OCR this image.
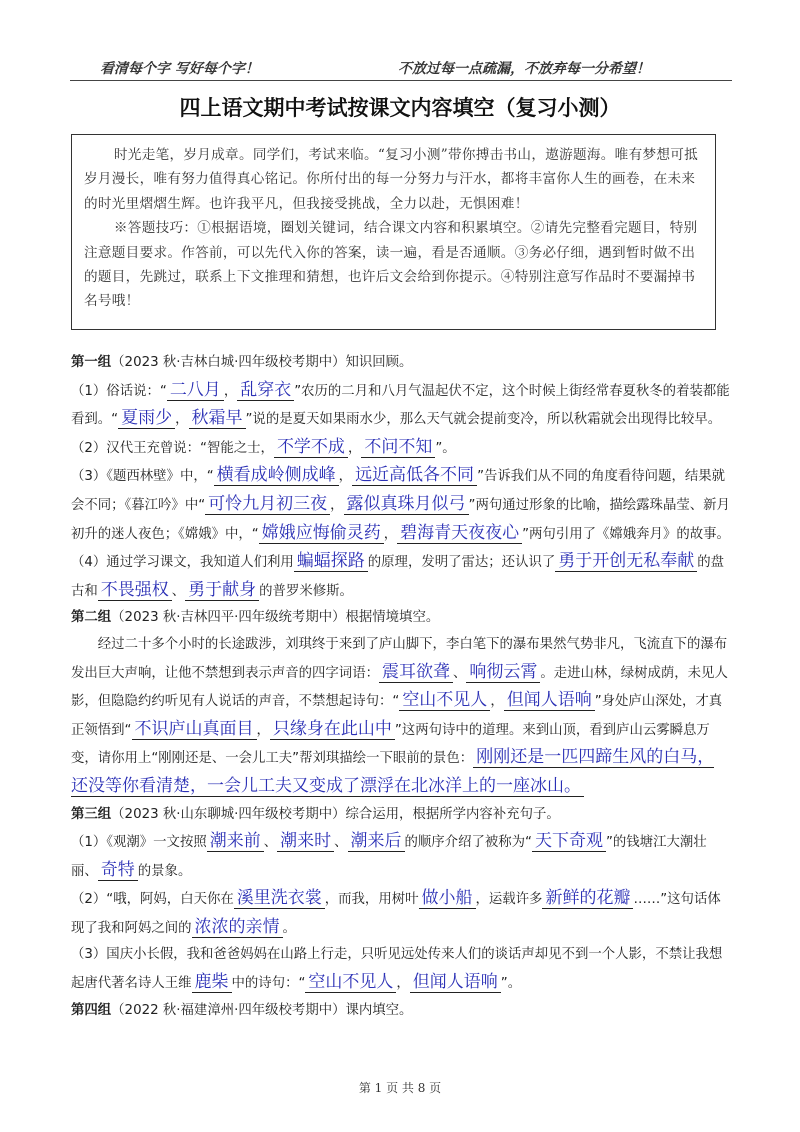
看清每个字 写好每个字！	不放过每一点疏漏，不放弃每一分希望！
四上语文期中考试按课文内容填空（复习小测）

时光走笔，岁月成章。同学们，考试来临。“复习小测”带你搏击书山，遨游题海。唯有梦想可抵岁月漫长，唯有努力值得真心铭记。你所付出的每一分努力与汗水，都将丰富你人生的画卷，在未来的时光里熠熠生辉。也许我平凡，但我接受挑战，全力以赴，无惧困难！

※答题技巧：①根据语境，圈划关键词，结合课文内容和积累填空。②请先完整看完题目，特别注意题目要求。作答前，可以先代入你的答案，读一遍，看是否通顺。③务必仔细，遇到暂时做不出的题目，先跳过，联系上下文推理和猜想，也许后文会给到你提示。④特别注意写作品时不要漏掉书名号哦！

第一组（2023 秋·吉林白城·四年级校考期中）知识回顾。

（1）俗话说：“ 二八月 ， 乱穿衣 ”农历的二月和八月气温起伏不定，这个时候上街经常春夏秋冬的着装都能看到。“ 夏雨少 ， 秋霜早 ”说的是夏天如果雨水少，那么天气就会提前变冷，所以秋霜就会出现得比较早。

（2）汉代王充曾说：“智能之士， 不学不成 ， 不问不知 ”。

（3）《题西林壁》中，“ 横看成岭侧成峰 ， 远近高低各不同 ”告诉我们从不同的角度看待问题，结果就会不同；《暮江吟》中“ 可怜九月初三夜 ， 露似真珠月似弓 ”两句通过形象的比喻，描绘露珠晶莹、新月初升的迷人夜色；《嫦娥》中，“ 嫦娥应悔偷灵药 ， 碧海青天夜夜心 ”两句引用了《嫦娥奔月》的故事。

（4）通过学习课文，我知道人们利用 蝙蝠探路 的原理，发明了雷达；还认识了 勇于开创无私奉献 的盘古和 不畏强权 、 勇于献身 的普罗米修斯。

第二组（2023 秋·吉林四平·四年级统考期中）根据情境填空。

经过二十多个小时的长途跋涉，刘琪终于来到了庐山脚下，李白笔下的瀑布果然气势非凡，飞流直下的瀑布发出巨大声响，让他不禁想到表示声音的四字词语： 震耳欲聋 、 响彻云霄 。走进山林，绿树成荫，未见人影，但隐隐约约听见有人说话的声音，不禁想起诗句：“ 空山不见人 ， 但闻人语响 ”身处庐山深处，才真正领悟到“ 不识庐山真面目 ， 只缘身在此山中 ”这两句诗中的道理。来到山顶，看到庐山云雾瞬息万变，请你用上“刚刚还是、一会儿工夫”帮刘琪描绘一下眼前的景色： 刚刚还是一匹四蹄生风的白马，还没等你看清楚，一会儿工夫又变成了漂浮在北冰洋上的一座冰山。

第三组（2023 秋·山东聊城·四年级校考期中）综合运用，根据所学内容补充句子。

（1）《观潮》一文按照 潮来前 、 潮来时 、 潮来后 的顺序介绍了被称为“ 天下奇观 ”的钱塘江大潮壮丽、 奇特 的景象。

（2）“哦，阿妈，白天你在 溪里洗衣裳 ，而我，用树叶 做小船 ，运载许多 新鲜的花瓣 ……”这句话体现了我和阿妈之间的 浓浓的亲情 。

（3）国庆小长假，我和爸爸妈妈在山路上行走，只听见远处传来人们的谈话声却见不到一个人影，不禁让我想起唐代著名诗人王维 鹿柴 中的诗句：“ 空山不见人 ， 但闻人语响 ”。

第四组（2022 秋·福建漳州·四年级校考期中）课内填空。

第 1 页 共 8 页
